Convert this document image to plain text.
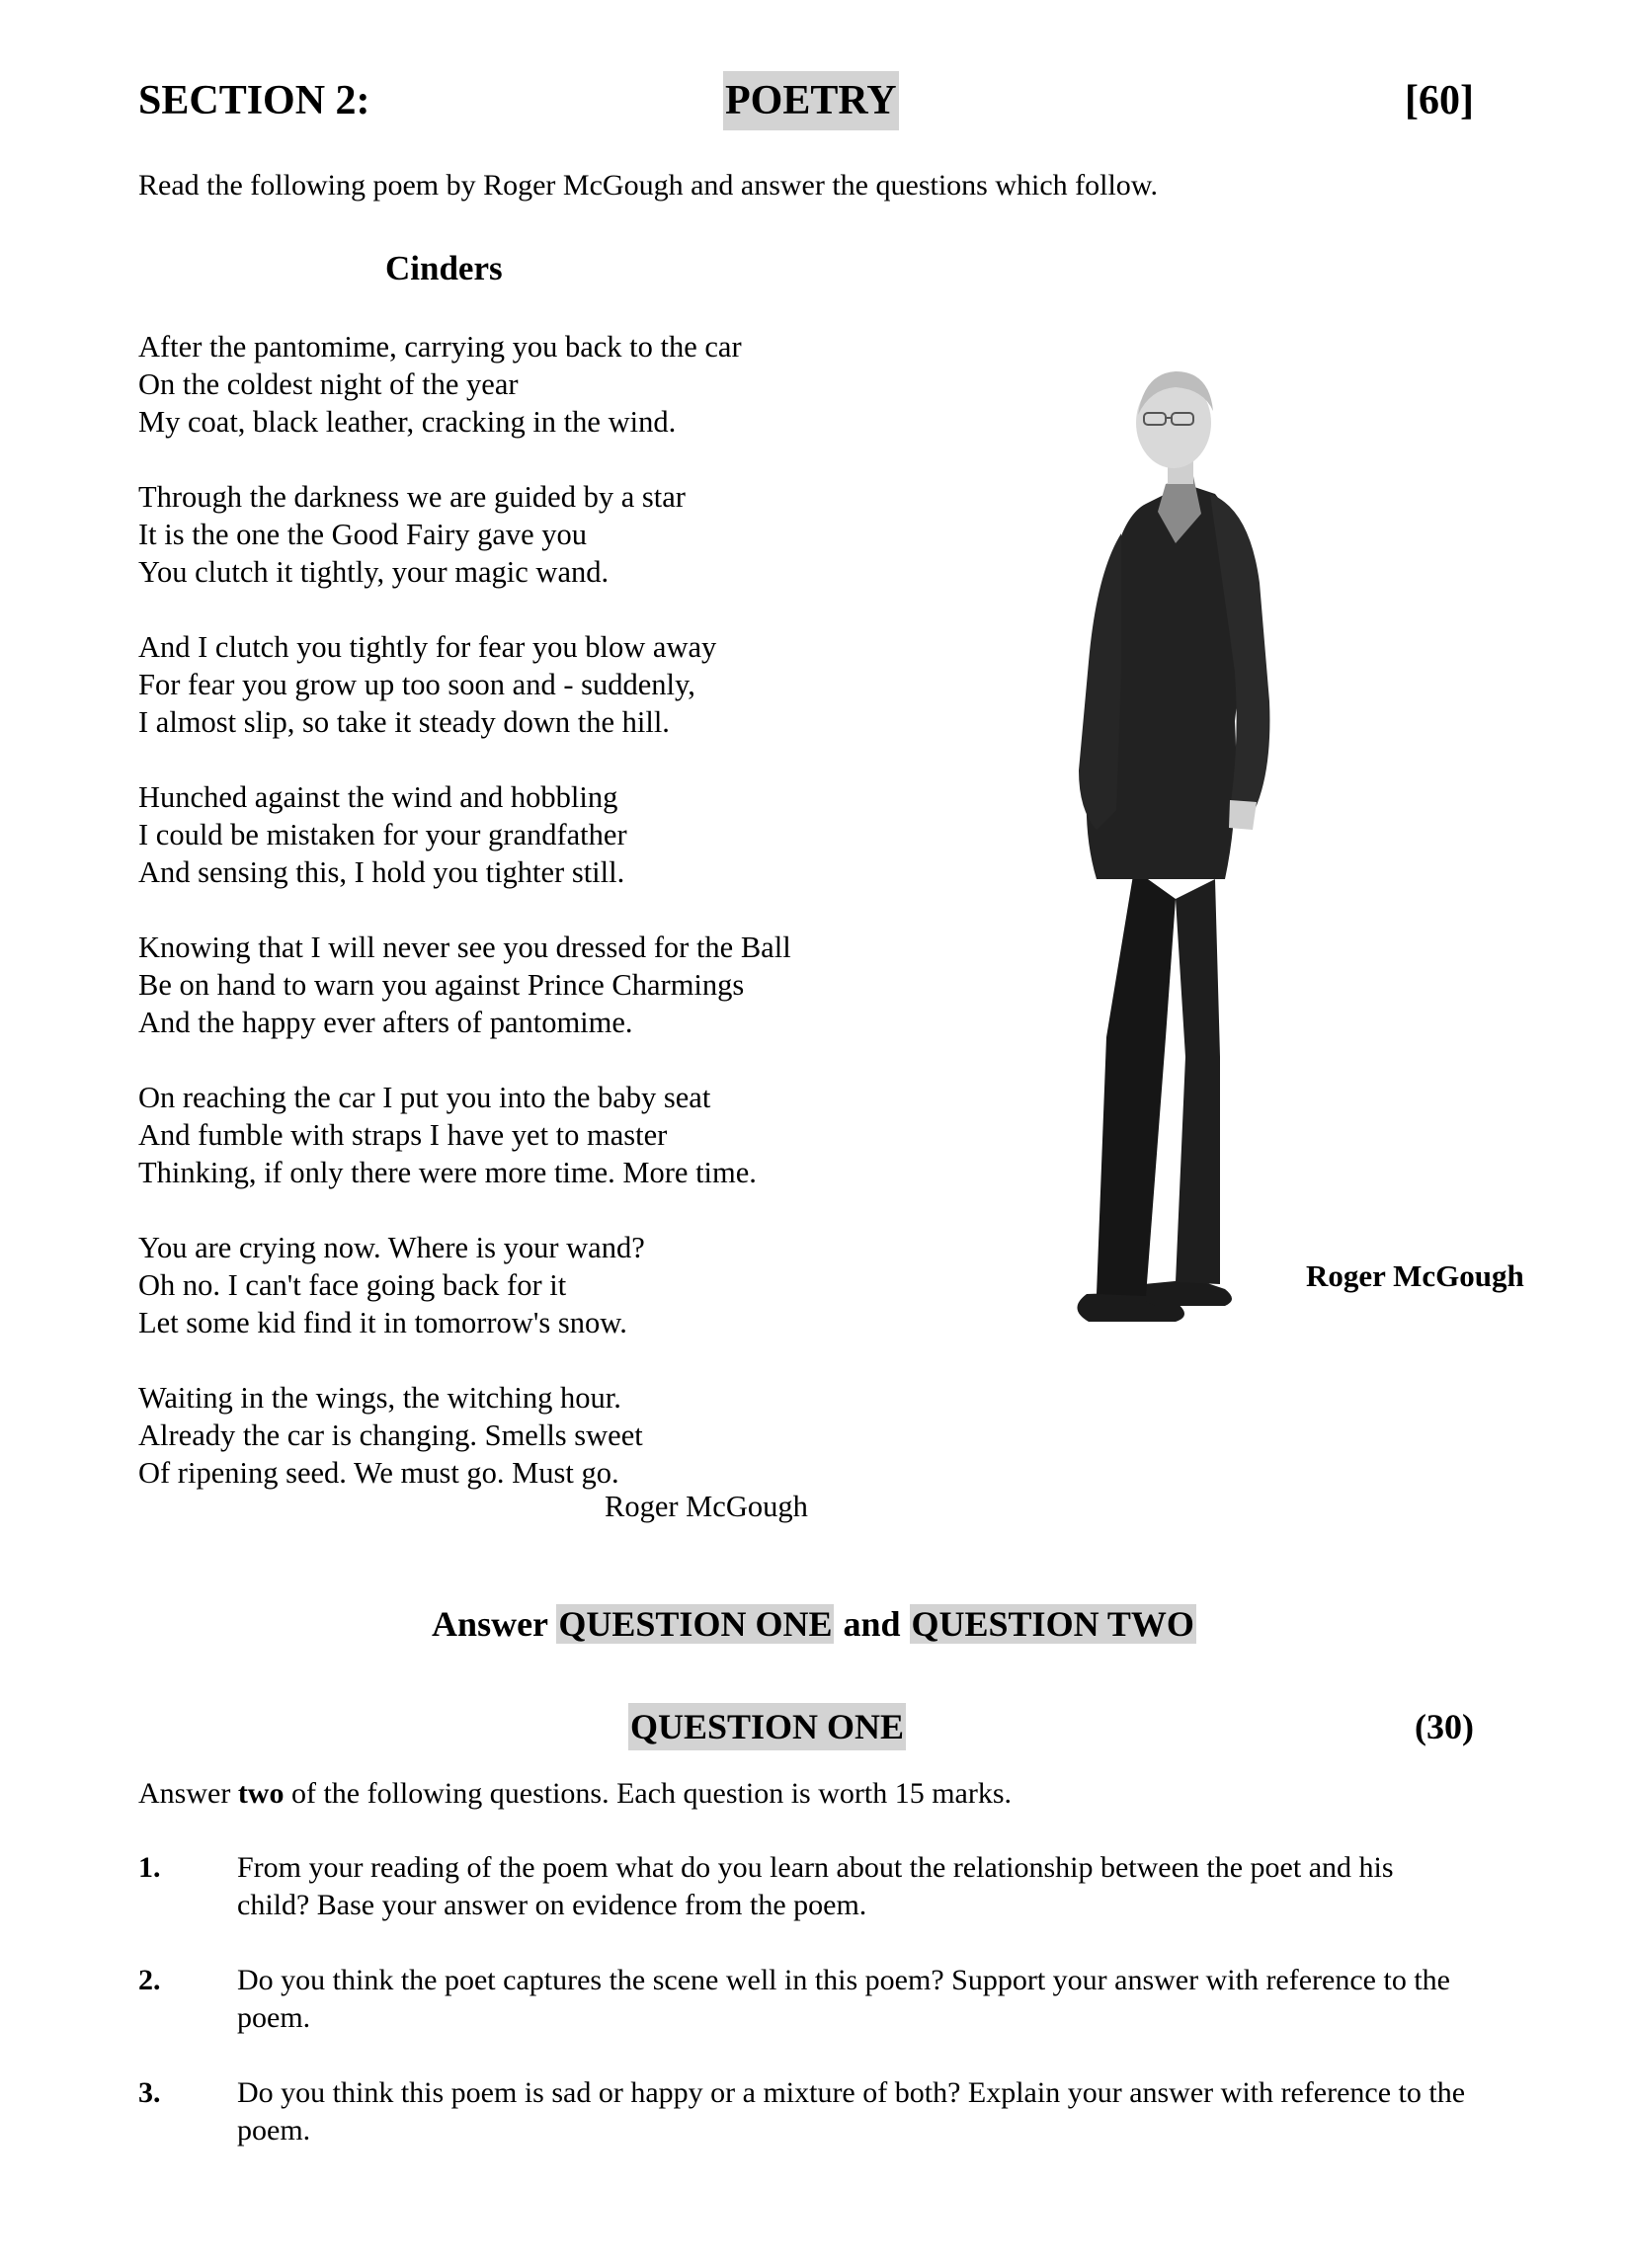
SECTION 2:	POETRY	[60]
Read the following poem by Roger McGough and answer the questions which follow.
Cinders
After the pantomime, carrying you back to the car
On the coldest night of the year
My coat, black leather, cracking in the wind.
Through the darkness we are guided by a star
It is the one the Good Fairy gave you
You clutch it tightly, your magic wand.
And I clutch you tightly for fear you blow away
For fear you grow up too soon and - suddenly,
I almost slip, so take it steady down the hill.
Hunched against the wind and hobbling
I could be mistaken for your grandfather
And sensing this, I hold you tighter still.
Knowing that I will never see you dressed for the Ball
Be on hand to warn you against Prince Charmings
And the happy ever afters of pantomime.
On reaching the car I put you into the baby seat
And fumble with straps I have yet to master
Thinking, if only there were more time. More time.
You are crying now. Where is your wand?
Oh no. I can't face going back for it
Let some kid find it in tomorrow's snow.
Waiting in the wings, the witching hour.
Already the car is changing. Smells sweet
Of ripening seed. We must go. Must go.
Roger McGough
Roger McGough
Answer QUESTION ONE and QUESTION TWO
QUESTION ONE	(30)
Answer two of the following questions. Each question is worth 15 marks.
1.	From your reading of the poem what do you learn about the relationship between the poet and his child? Base your answer on evidence from the poem.
2.	Do you think the poet captures the scene well in this poem? Support your answer with reference to the poem.
3.	Do you think this poem is sad or happy or a mixture of both? Explain your answer with reference to the poem.
